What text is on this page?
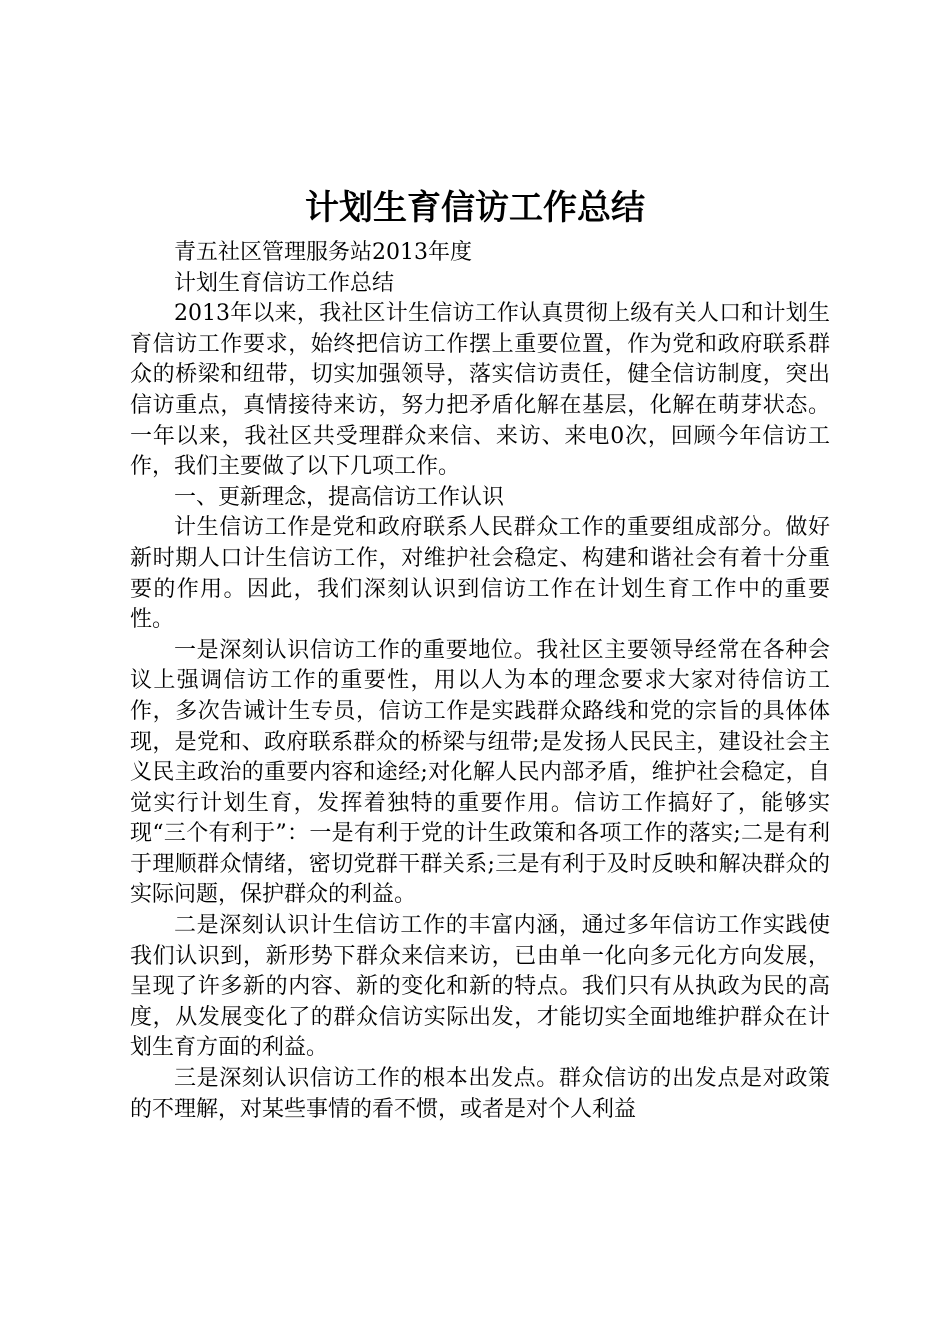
计划生育信访工作总结

青五社区管理服务站2013年度

计划生育信访工作总结

2013年以来，我社区计生信访工作认真贯彻上级有关人口和计划生育信访工作要求，始终把信访工作摆上重要位置，作为党和政府联系群众的桥梁和纽带，切实加强领导，落实信访责任，健全信访制度，突出信访重点，真情接待来访，努力把矛盾化解在基层，化解在萌芽状态。一年以来，我社区共受理群众来信、来访、来电0次，回顾今年信访工作，我们主要做了以下几项工作。

一、更新理念，提高信访工作认识

计生信访工作是党和政府联系人民群众工作的重要组成部分。做好新时期人口计生信访工作，对维护社会稳定、构建和谐社会有着十分重要的作用。因此，我们深刻认识到信访工作在计划生育工作中的重要性。

一是深刻认识信访工作的重要地位。我社区主要领导经常在各种会议上强调信访工作的重要性，用以人为本的理念要求大家对待信访工作，多次告诫计生专员，信访工作是实践群众路线和党的宗旨的具体体现，是党和、政府联系群众的桥梁与纽带;是发扬人民民主，建设社会主义民主政治的重要内容和途经;对化解人民内部矛盾，维护社会稳定，自觉实行计划生育，发挥着独特的重要作用。信访工作搞好了，能够实现“三个有利于”：一是有利于党的计生政策和各项工作的落实;二是有利于理顺群众情绪，密切党群干群关系;三是有利于及时反映和解决群众的实际问题，保护群众的利益。

二是深刻认识计生信访工作的丰富内涵，通过多年信访工作实践使我们认识到，新形势下群众来信来访，已由单一化向多元化方向发展，呈现了许多新的内容、新的变化和新的特点。我们只有从执政为民的高度，从发展变化了的群众信访实际出发，才能切实全面地维护群众在计划生育方面的利益。

三是深刻认识信访工作的根本出发点。群众信访的出发点是对政策的不理解，对某些事情的看不惯，或者是对个人利益
